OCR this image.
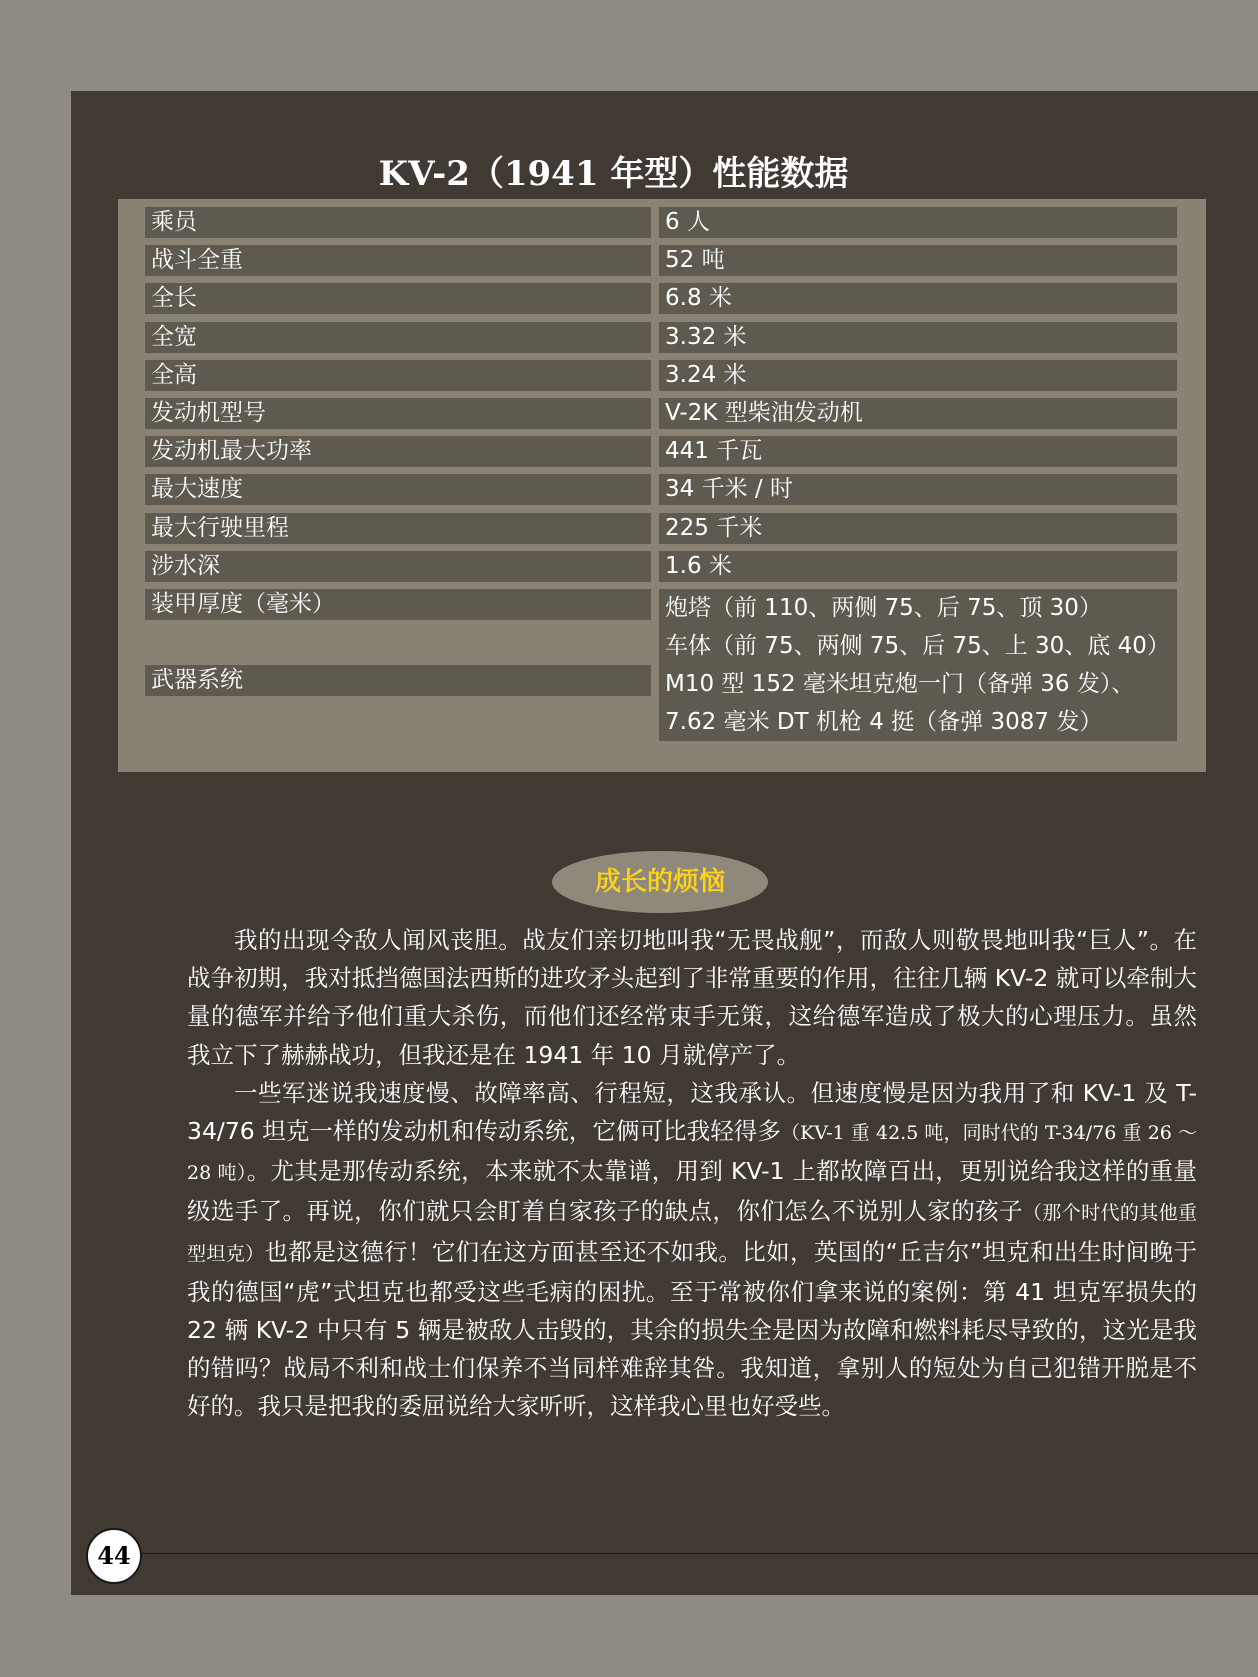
KV-2（1941 年型）性能数据
乘员	6 人
战斗全重	52 吨
全长	6.8 米
全宽	3.32 米
全高	3.24 米
发动机型号	V-2K 型柴油发动机
发动机最大功率	441 千瓦
最大速度	34 千米 / 时
最大行驶里程	225 千米
涉水深	1.6 米
装甲厚度（毫米）	炮塔（前 110、两侧 75、后 75、顶 30）
车体（前 75、两侧 75、后 75、上 30、底 40）
武器系统	M10 型 152 毫米坦克炮一门（备弹 36 发）、
7.62 毫米 DT 机枪 4 挺（备弹 3087 发）
成长的烦恼

我的出现令敌人闻风丧胆。战友们亲切地叫我“无畏战舰”，而敌人则敬畏地叫我“巨人”。在战争初期，我对抵挡德国法西斯的进攻矛头起到了非常重要的作用，往往几辆 KV-2 就可以牵制大量的德军并给予他们重大杀伤，而他们还经常束手无策，这给德军造成了极大的心理压力。虽然我立下了赫赫战功，但我还是在 1941 年 10 月就停产了。

一些军迷说我速度慢、故障率高、行程短，这我承认。但速度慢是因为我用了和 KV-1 及 T-34/76 坦克一样的发动机和传动系统，它俩可比我轻得多（KV-1 重 42.5 吨，同时代的 T-34/76 重 26 ～ 28 吨）。尤其是那传动系统，本来就不太靠谱，用到 KV-1 上都故障百出，更别说给我这样的重量级选手了。再说，你们就只会盯着自家孩子的缺点，你们怎么不说别人家的孩子（那个时代的其他重型坦克）也都是这德行！它们在这方面甚至还不如我。比如，英国的“丘吉尔”坦克和出生时间晚于我的德国“虎”式坦克也都受这些毛病的困扰。至于常被你们拿来说的案例：第 41 坦克军损失的 22 辆 KV-2 中只有 5 辆是被敌人击毁的，其余的损失全是因为故障和燃料耗尽导致的，这光是我的错吗？战局不利和战士们保养不当同样难辞其咎。我知道，拿别人的短处为自己犯错开脱是不好的。我只是把我的委屈说给大家听听，这样我心里也好受些。

44
